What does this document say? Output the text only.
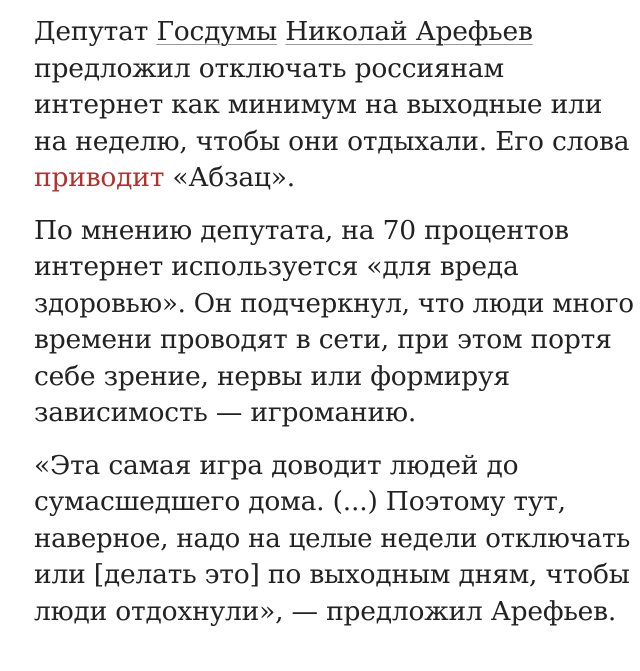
Депутат Госдумы Николай Арефьев
предложил отключать россиянам
интернет как минимум на выходные или
на неделю, чтобы они отдыхали. Его слова
приводит «Абзац».

По мнению депутата, на 70 процентов
интернет используется «для вреда
здоровью». Он подчеркнул, что люди много
времени проводят в сети, при этом портя
себе зрение, нервы или формируя
зависимость — игроманию.

«Эта самая игра доводит людей до
сумасшедшего дома. (...) Поэтому тут,
наверное, надо на целые недели отключать
или [делать это] по выходным дням, чтобы
люди отдохнули», — предложил Арефьев.
